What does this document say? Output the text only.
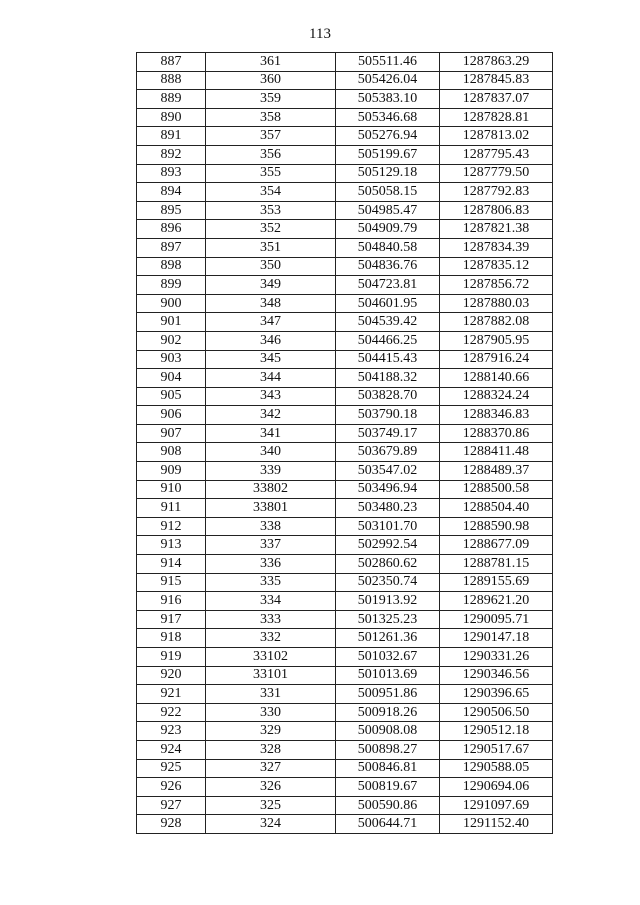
113
887	361	505511.46	1287863.29
888	360	505426.04	1287845.83
889	359	505383.10	1287837.07
890	358	505346.68	1287828.81
891	357	505276.94	1287813.02
892	356	505199.67	1287795.43
893	355	505129.18	1287779.50
894	354	505058.15	1287792.83
895	353	504985.47	1287806.83
896	352	504909.79	1287821.38
897	351	504840.58	1287834.39
898	350	504836.76	1287835.12
899	349	504723.81	1287856.72
900	348	504601.95	1287880.03
901	347	504539.42	1287882.08
902	346	504466.25	1287905.95
903	345	504415.43	1287916.24
904	344	504188.32	1288140.66
905	343	503828.70	1288324.24
906	342	503790.18	1288346.83
907	341	503749.17	1288370.86
908	340	503679.89	1288411.48
909	339	503547.02	1288489.37
910	33802	503496.94	1288500.58
911	33801	503480.23	1288504.40
912	338	503101.70	1288590.98
913	337	502992.54	1288677.09
914	336	502860.62	1288781.15
915	335	502350.74	1289155.69
916	334	501913.92	1289621.20
917	333	501325.23	1290095.71
918	332	501261.36	1290147.18
919	33102	501032.67	1290331.26
920	33101	501013.69	1290346.56
921	331	500951.86	1290396.65
922	330	500918.26	1290506.50
923	329	500908.08	1290512.18
924	328	500898.27	1290517.67
925	327	500846.81	1290588.05
926	326	500819.67	1290694.06
927	325	500590.86	1291097.69
928	324	500644.71	1291152.40
